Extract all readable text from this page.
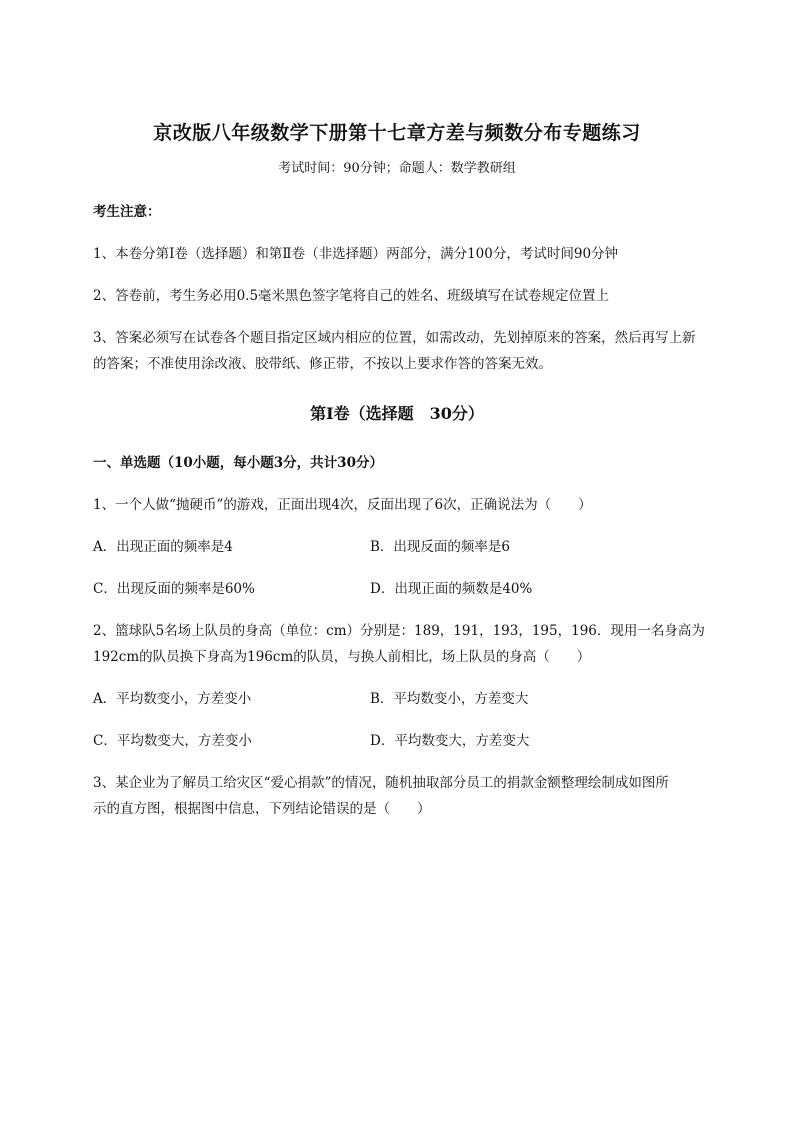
京改版八年级数学下册第十七章方差与频数分布专题练习
考试时间：90分钟；命题人：数学教研组
考生注意：
1、本卷分第I卷（选择题）和第Ⅱ卷（非选择题）两部分，满分100分，考试时间90分钟
2、答卷前，考生务必用0.5毫米黑色签字笔将自己的姓名、班级填写在试卷规定位置上
3、答案必须写在试卷各个题目指定区域内相应的位置，如需改动，先划掉原来的答案，然后再写上新
的答案；不准使用涂改液、胶带纸、修正带，不按以上要求作答的答案无效。
第I卷（选择题　30分）
一、单选题（10小题，每小题3分，共计30分）
1、一个人做“抛硬币”的游戏，正面出现4次，反面出现了6次，正确说法为（　　）
A．出现正面的频率是4	B．出现反面的频率是6
C．出现反面的频率是60%	D．出现正面的频数是40%
2、篮球队5名场上队员的身高（单位：cm）分别是：189，191，193，195，196．现用一名身高为
192cm的队员换下身高为196cm的队员，与换人前相比，场上队员的身高（　　）
A．平均数变小，方差变小	B．平均数变小，方差变大
C．平均数变大，方差变小	D．平均数变大，方差变大
3、某企业为了解员工给灾区“爱心捐款”的情况，随机抽取部分员工的捐款金额整理绘制成如图所
示的直方图，根据图中信息，下列结论错误的是（　　）
